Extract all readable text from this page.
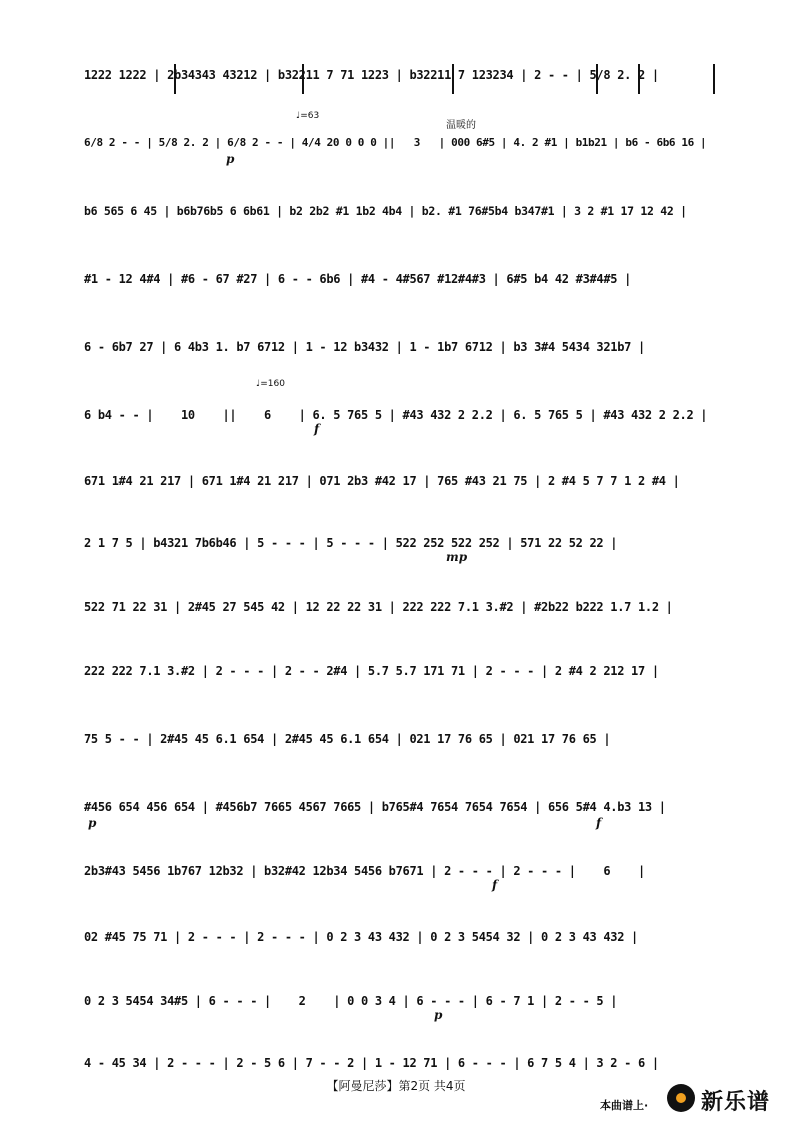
1222 1222 | 2b34343 43212 | b32211 7 71 1223 | b32211 7 123234 | 2 - - | 5/8 2. 2 |
♩=63
温暖的
p
6/8 2 - - | 5/8 2. 2 | 6/8 2 - - | 4/4 20 0 0 0 ||   3   | 000 6#5 | 4. 2 #1 | b1b21 | b6 - 6b6 16 |
b6 565 6 45 | b6b76b5 6 6b61 | b2 2b2 #1 1b2 4b4 | b2. #1 76#5b4 b347#1 | 3 2 #1 17 12 42 |
#1 - 12 4#4 | #6 - 67 #27 | 6 - - 6b6 | #4 - 4#567 #12#4#3 | 6#5 b4 42 #3#4#5 |
6 - 6b7 27 | 6 4b3 1. b7 6712 | 1 - 12 b3432 | 1 - 1b7 6712 | b3 3#4 5434 321b7 |
♩=160
f
6 b4 - - |    10    ||    6    | 6. 5 765 5 | #43 432 2 2.2 | 6. 5 765 5 | #43 432 2 2.2 |
671 1#4 21 217 | 671 1#4 21 217 | 071 2b3 #42 17 | 765 #43 21 75 | 2 #4 5 7 7 1 2 #4 |
mp
2 1 7 5 | b4321 7b6b46 | 5 - - - | 5 - - - | 522 252 522 252 | 571 22 52 22 |
522 71 22 31 | 2#45 27 545 42 | 12 22 22 31 | 222 222 7.1 3.#2 | #2b22 b222 1.7 1.2 |
222 222 7.1 3.#2 | 2 - - - | 2 - - 2#4 | 5.7 5.7 171 71 | 2 - - - | 2 #4 2 212 17 |
75 5 - - | 2#45 45 6.1 654 | 2#45 45 6.1 654 | 021 17 76 65 | 021 17 76 65 |
p	f
#456 654 456 654 | #456b7 7665 4567 7665 | b765#4 7654 7654 7654 | 656 5#4 4.b3 13 |
f
2b3#43 5456 1b767 12b32 | b32#42 12b34 5456 b7671 | 2 - - - | 2 - - - |    6    |
02 #45 75 71 | 2 - - - | 2 - - - | 0 2 3 43 432 | 0 2 3 5454 32 | 0 2 3 43 432 |
p
0 2 3 5454 34#5 | 6 - - - |    2    | 0 0 3 4 | 6 - - - | 6 - 7 1 | 2 - - 5 |
4 - 45 34 | 2 - - - | 2 - 5 6 | 7 - - 2 | 1 - 12 71 | 6 - - - | 6 7 5 4 | 3 2 - 6 |
【阿曼尼莎】第2页 共4页
本曲谱上· 新乐谱
